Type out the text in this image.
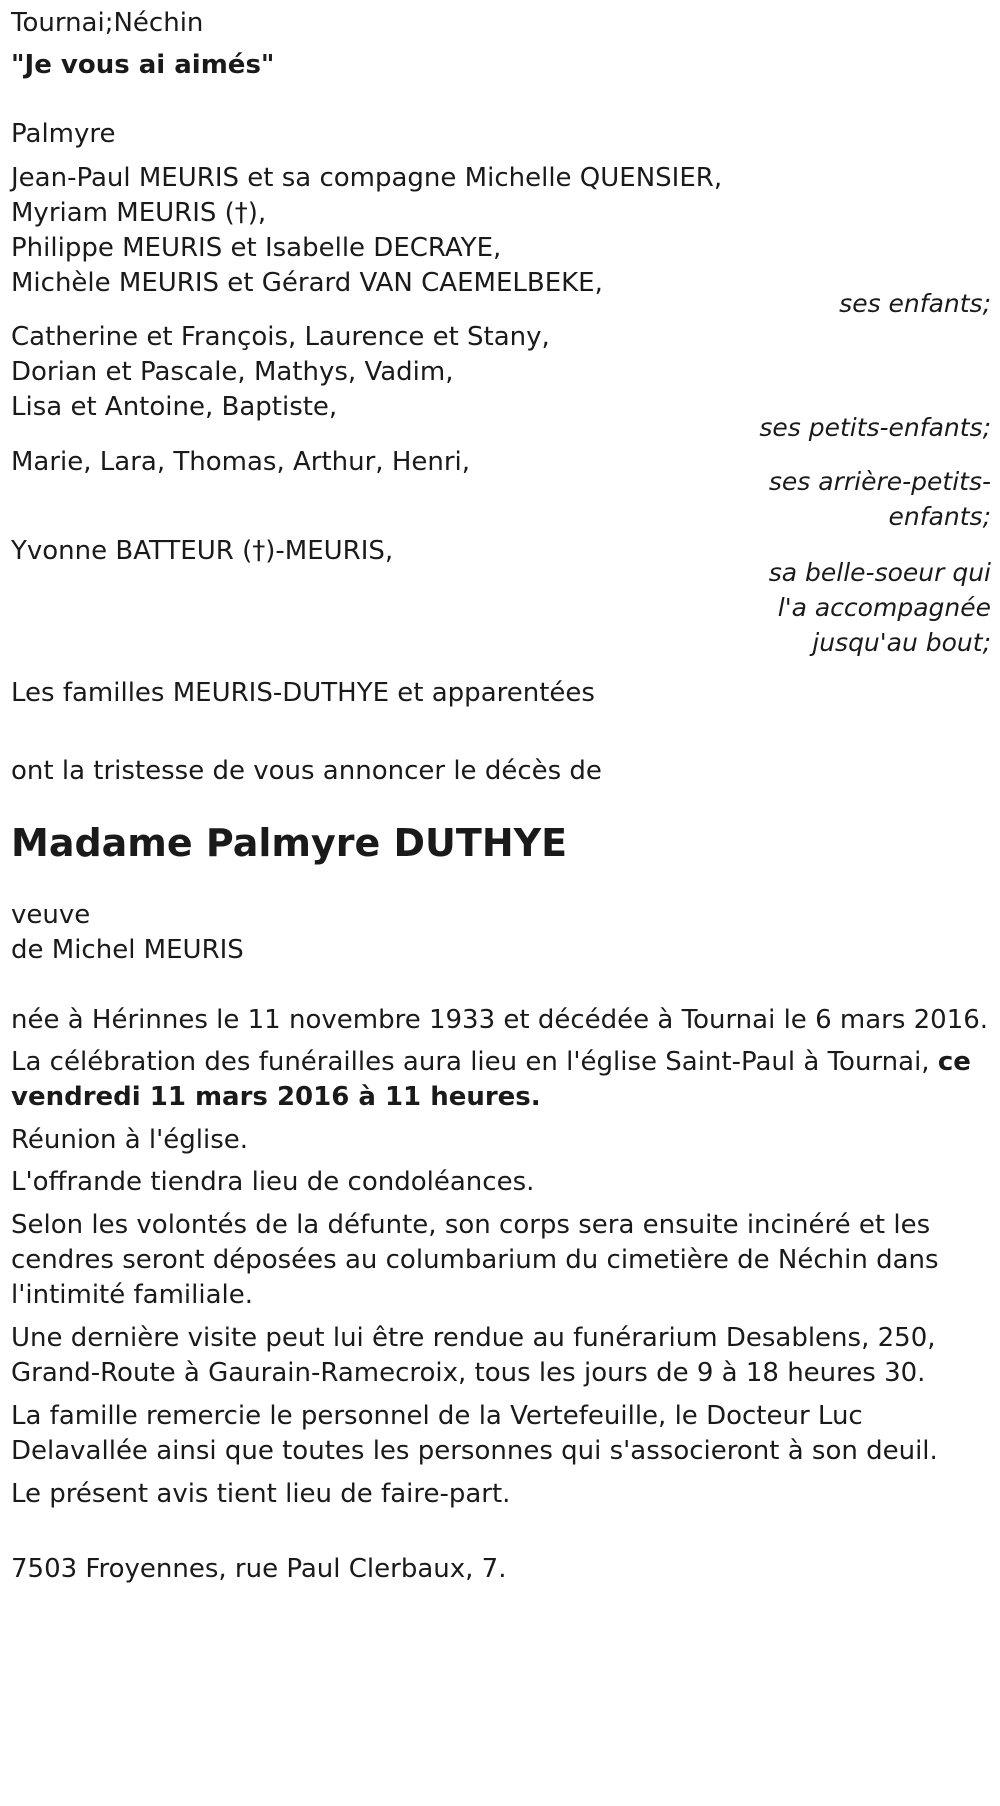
Tournai;Néchin
"Je vous ai aimés"
Palmyre
Jean-Paul MEURIS et sa compagne Michelle QUENSIER,
Myriam MEURIS (†),
Philippe MEURIS et Isabelle DECRAYE,
Michèle MEURIS et Gérard VAN CAEMELBEKE,
ses enfants;
Catherine et François, Laurence et Stany,
Dorian et Pascale, Mathys, Vadim,
Lisa et Antoine, Baptiste,
ses petits-enfants;
Marie, Lara, Thomas, Arthur, Henri,
ses arrière-petits-
enfants;
Yvonne BATTEUR (†)-MEURIS,
sa belle-soeur qui
l'a accompagnée
jusqu'au bout;
Les familles MEURIS-DUTHYE et apparentées
ont la tristesse de vous annoncer le décès de
Madame Palmyre DUTHYE
veuve
de Michel MEURIS
née à Hérinnes le 11 novembre 1933 et décédée à Tournai le 6 mars 2016.
La célébration des funérailles aura lieu en l'église Saint-Paul à Tournai, ce
vendredi 11 mars 2016 à 11 heures.
Réunion à l'église.
L'offrande tiendra lieu de condoléances.
Selon les volontés de la défunte, son corps sera ensuite incinéré et les
cendres seront déposées au columbarium du cimetière de Néchin dans
l'intimité familiale.
Une dernière visite peut lui être rendue au funérarium Desablens, 250,
Grand-Route à Gaurain-Ramecroix, tous les jours de 9 à 18 heures 30.
La famille remercie le personnel de la Vertefeuille, le Docteur Luc
Delavallée ainsi que toutes les personnes qui s'associeront à son deuil.
Le présent avis tient lieu de faire-part.
7503 Froyennes, rue Paul Clerbaux, 7.
